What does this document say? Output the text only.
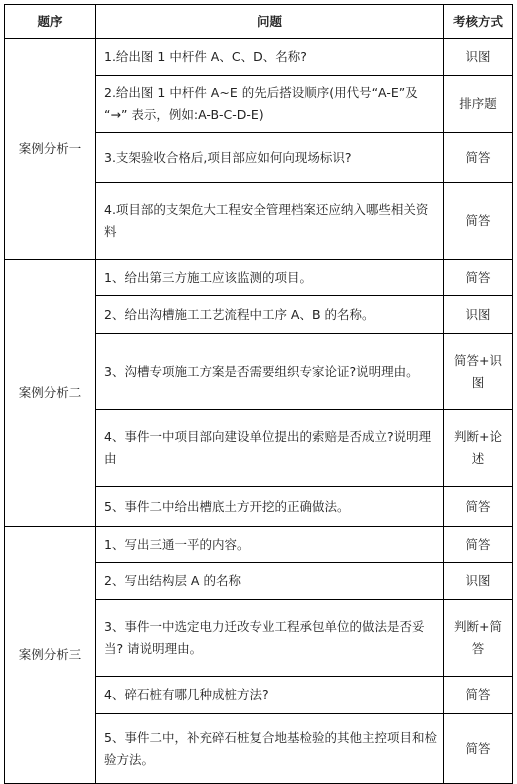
题序	问题	考核方式
案例分析一	1.给出图 1 中杆件 A、C、D、名称?	识图
	2.给出图 1 中杆件 A~E 的先后搭设顺序(用代号“A-E”及 “→” 表示，例如:A-B-C-D-E)	排序题
	3.支架验收合格后,项目部应如何向现场标识?	简答
	4.项目部的支架危大工程安全管理档案还应纳入哪些相关资料	简答
案例分析二	1、给出第三方施工应该监测的项目。	简答
	2、给出沟槽施工工艺流程中工序 A、B 的名称。	识图
	3、沟槽专项施工方案是否需要组织专家论证?说明理由。	简答+识图
	4、事件一中项目部向建设单位提出的索赔是否成立?说明理由	判断+论述
	5、事件二中给出槽底土方开挖的正确做法。	简答
案例分析三	1、写出三通一平的内容。	简答
	2、写出结构层 A 的名称	识图
	3、事件一中选定电力迁改专业工程承包单位的做法是否妥当? 请说明理由。	判断+简答
	4、碎石桩有哪几种成桩方法?	简答
	5、事件二中，补充碎石桩复合地基检验的其他主控项目和检验方法。	简答
